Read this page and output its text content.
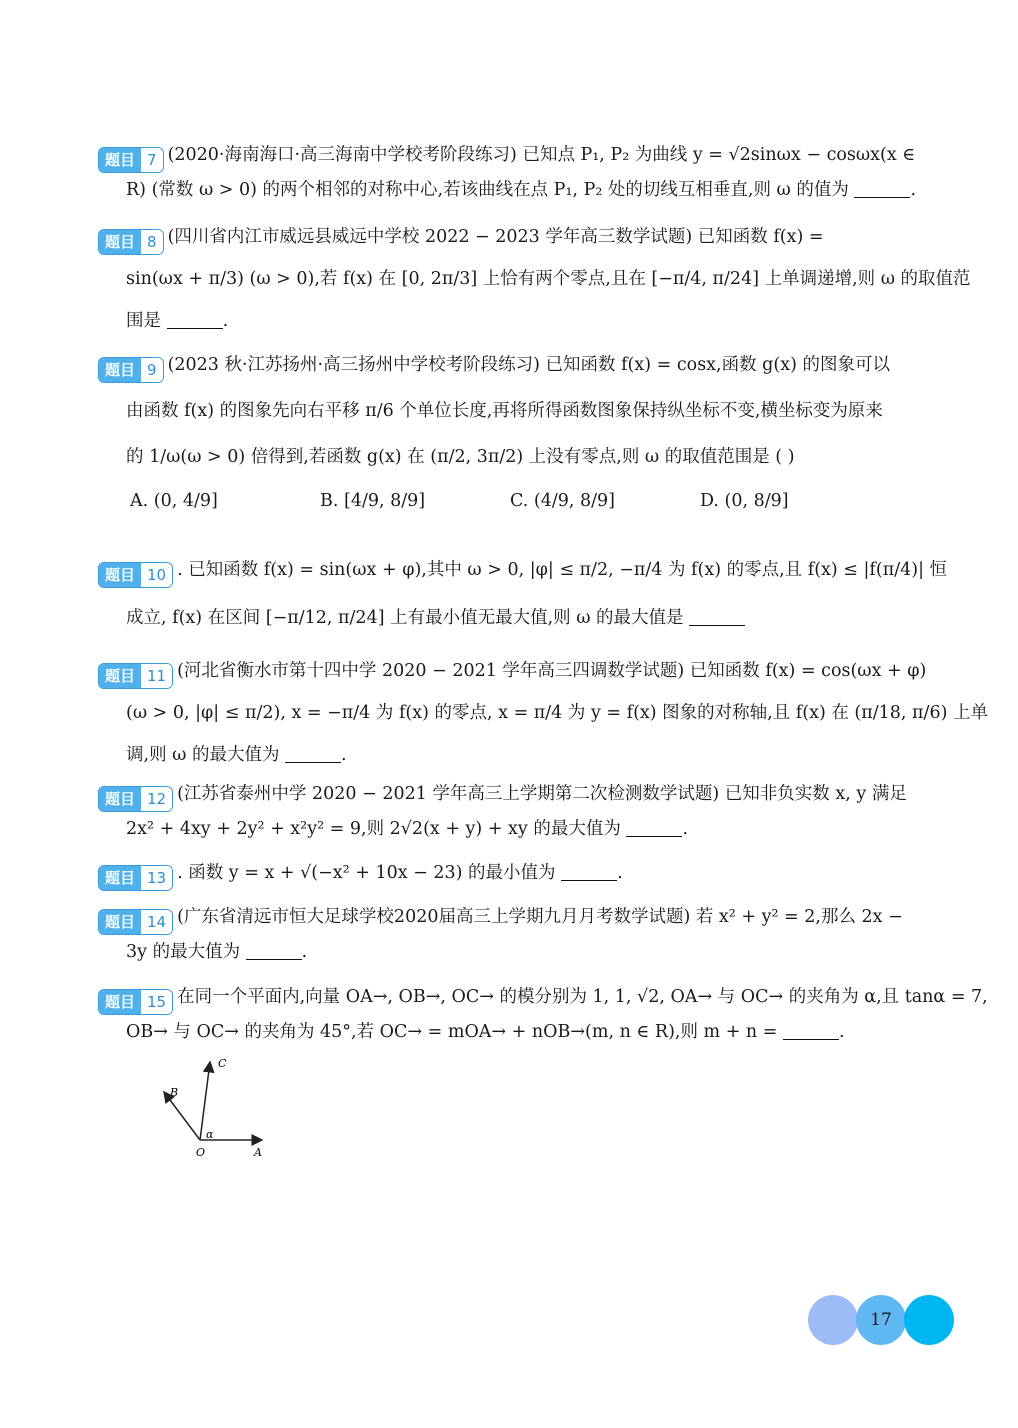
题目 7 (2020·海南海口·高三海南中学校考阶段练习) 已知点 P₁, P₂ 为曲线 y = √2sinωx − cosωx(x ∈
R) (常数 ω > 0) 的两个相邻的对称中心,若该曲线在点 P₁, P₂ 处的切线互相垂直,则 ω 的值为	.
题目 8 (四川省内江市威远县威远中学校 2022 − 2023 学年高三数学试题) 已知函数 f(x) =
sin(ωx + π/3) (ω > 0),若 f(x) 在 [0, 2π/3] 上恰有两个零点,且在 [−π/4, π/24] 上单调递增,则 ω 的取值范
围是	.
题目 9 (2023 秋·江苏扬州·高三扬州中学校考阶段练习) 已知函数 f(x) = cosx,函数 g(x) 的图象可以
由函数 f(x) 的图象先向右平移 π/6 个单位长度,再将所得函数图象保持纵坐标不变,横坐标变为原来
的 1/ω(ω > 0) 倍得到,若函数 g(x) 在 (π/2, 3π/2) 上没有零点,则 ω 的取值范围是 ( )
A. (0, 4/9]	B. [4/9, 8/9]	C. (4/9, 8/9]	D. (0, 8/9]
题目 10 . 已知函数 f(x) = sin(ωx + φ),其中 ω > 0, |φ| ≤ π/2, −π/4 为 f(x) 的零点,且 f(x) ≤ |f(π/4)| 恒
成立, f(x) 在区间 [−π/12, π/24] 上有最小值无最大值,则 ω 的最大值是
题目 11 (河北省衡水市第十四中学 2020 − 2021 学年高三四调数学试题) 已知函数 f(x) = cos(ωx + φ)
(ω > 0, |φ| ≤ π/2), x = −π/4 为 f(x) 的零点, x = π/4 为 y = f(x) 图象的对称轴,且 f(x) 在 (π/18, π/6) 上单
调,则 ω 的最大值为	.
题目 12 (江苏省泰州中学 2020 − 2021 学年高三上学期第二次检测数学试题) 已知非负实数 x, y 满足
2x² + 4xy + 2y² + x²y² = 9,则 2√2(x + y) + xy 的最大值为	.
题目 13 . 函数 y = x + √(−x² + 10x − 23) 的最小值为	.
题目 14 (广东省清远市恒大足球学校2020届高三上学期九月月考数学试题) 若 x² + y² = 2,那么 2x −
3y 的最大值为	.
题目 15 在同一个平面内,向量 OA→, OB→, OC→ 的模分别为 1, 1, √2, OA→ 与 OC→ 的夹角为 α,且 tanα = 7,
OB→ 与 OC→ 的夹角为 45°,若 OC→ = mOA→ + nOB→(m, n ∈ R),则 m + n =	.
O	A
B
C
α
17
